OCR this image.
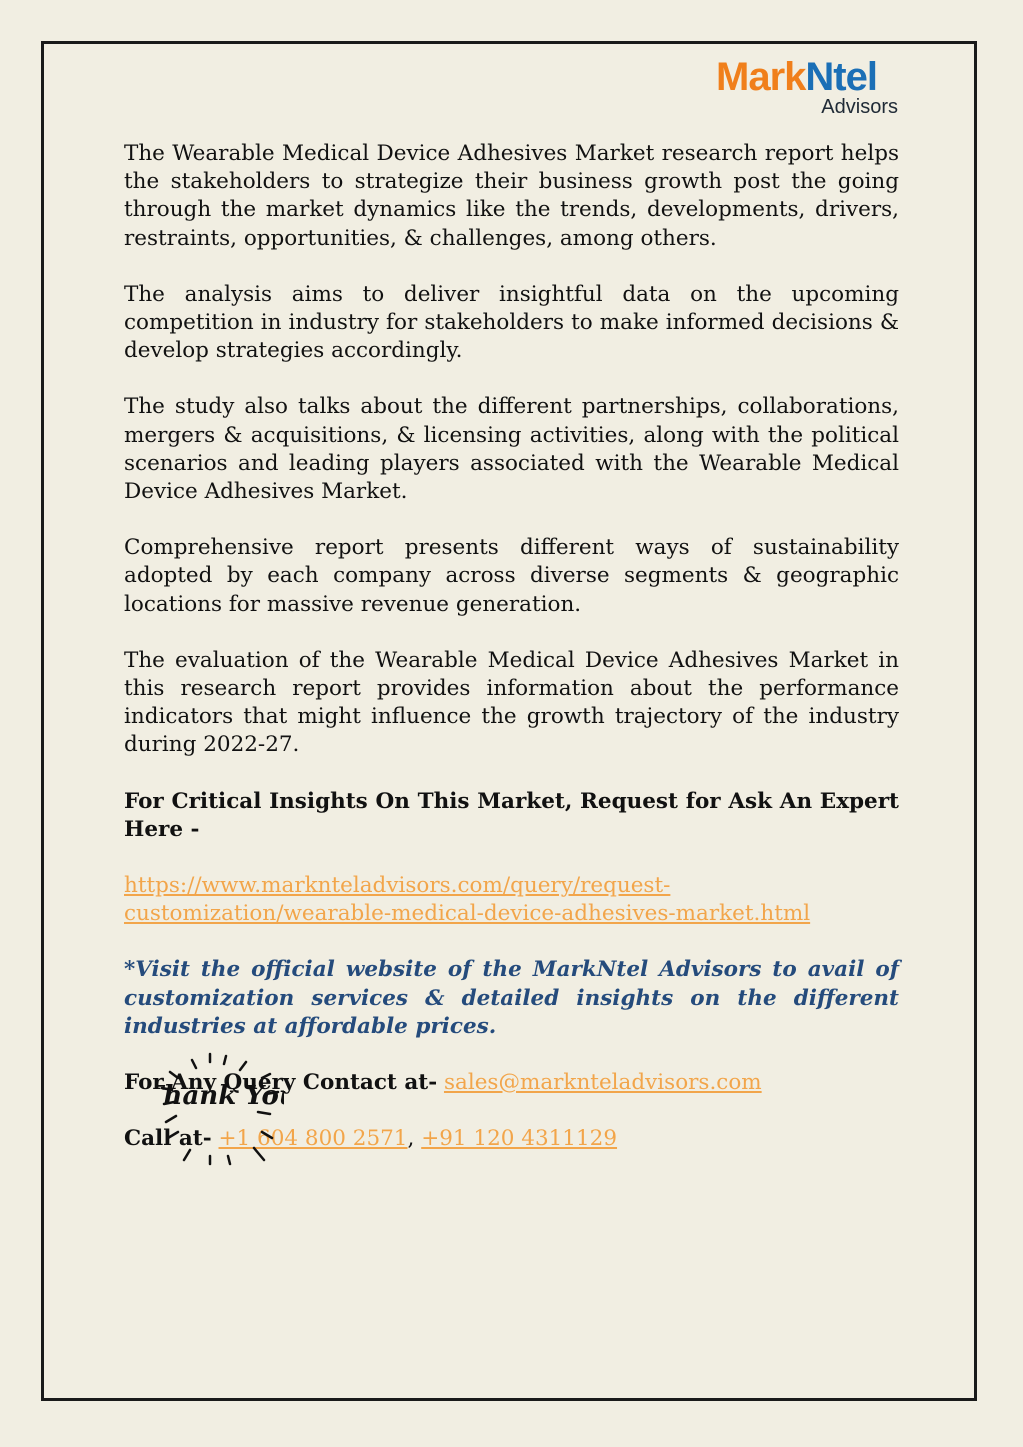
MarkNtel
Advisors

The Wearable Medical Device Adhesives Market research report helps the stakeholders to strategize their business growth post the going through the market dynamics like the trends, developments, drivers, restraints, opportunities, & challenges, among others.

The analysis aims to deliver insightful data on the upcoming competition in industry for stakeholders to make informed decisions & develop strategies accordingly.

The study also talks about the different partnerships, collaborations, mergers & acquisitions, & licensing activities, along with the political scenarios and leading players associated with the Wearable Medical Device Adhesives Market.

Comprehensive report presents different ways of sustainability adopted by each company across diverse segments & geographic locations for massive revenue generation.

The evaluation of the Wearable Medical Device Adhesives Market in this research report provides information about the performance indicators that might influence the growth trajectory of the industry during 2022-27.

For Critical Insights On This Market, Request for Ask An Expert Here -

https://www.marknteladvisors.com/query/request-
customization/wearable-medical-device-adhesives-market.html

*Visit the official website of the MarkNtel Advisors to avail of customization services & detailed insights on the different industries at affordable prices.

For Any Query Contact at- sales@marknteladvisors.com

Call at- +1 604 800 2571, +91 120 4311129

hank Yo
